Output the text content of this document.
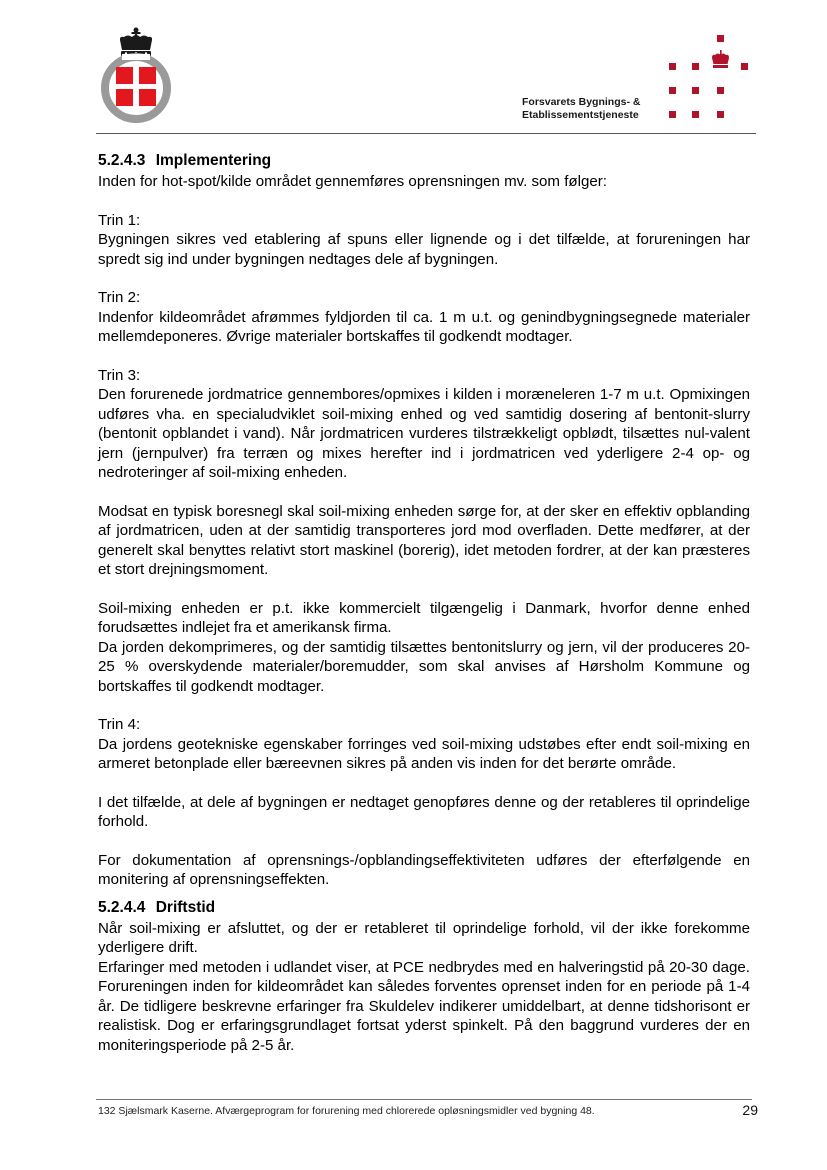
Forsvarets Bygnings- &
Etablissementstjeneste
5.2.4.3 Implementering

Inden for hot-spot/kilde området gennemføres oprensningen mv. som følger:

Trin 1:

Bygningen sikres ved etablering af spuns eller lignende og i det tilfælde, at forureningen har spredt sig ind under bygningen nedtages dele af bygningen.

Trin 2:

Indenfor kildeområdet afrømmes fyldjorden til ca. 1 m u.t. og genindbygningsegnede materialer mellemdeponeres. Øvrige materialer bortskaffes til godkendt modtager.

Trin 3:

Den forurenede jordmatrice gennembores/opmixes i kilden i moræneleren 1-7 m u.t. Opmixingen udføres vha. en specialudviklet soil-mixing enhed og ved samtidig dosering af bentonit-slurry (bentonit opblandet i vand). Når jordmatricen vurderes tilstrækkeligt opblødt, tilsættes nul-valent jern (jernpulver) fra terræn og mixes herefter ind i jordmatricen ved yderligere 2-4 op- og nedroteringer af soil-mixing enheden.

Modsat en typisk boresnegl skal soil-mixing enheden sørge for, at der sker en effektiv opblanding af jordmatricen, uden at der samtidig transporteres jord mod overfladen. Dette medfører, at der generelt skal benyttes relativt stort maskinel (borerig), idet metoden fordrer, at der kan præsteres et stort drejningsmoment.

Soil-mixing enheden er p.t. ikke kommercielt tilgængelig i Danmark, hvorfor denne enhed forudsættes indlejet fra et amerikansk firma.

Da jorden dekomprimeres, og der samtidig tilsættes bentonitslurry og jern, vil der produceres 20-25 % overskydende materialer/boremudder, som skal anvises af Hørsholm Kommune og bortskaffes til godkendt modtager.

Trin 4:

Da jordens geotekniske egenskaber forringes ved soil-mixing udstøbes efter endt soil-mixing en armeret betonplade eller bæreevnen sikres på anden vis inden for det berørte område.

I det tilfælde, at dele af bygningen er nedtaget genopføres denne og der retableres til oprindelige forhold.

For dokumentation af oprensnings-/opblandingseffektiviteten udføres der efterfølgende en monitering af oprensningseffekten.

5.2.4.4 Driftstid

Når soil-mixing er afsluttet, og der er retableret til oprindelige forhold, vil der ikke forekomme yderligere drift.

Erfaringer med metoden i udlandet viser, at PCE nedbrydes med en halveringstid på 20-30 dage. Forureningen inden for kildeområdet kan således forventes oprenset inden for en periode på 1-4 år. De tidligere beskrevne erfaringer fra Skuldelev indikerer umiddelbart, at denne tidshorisont er realistisk. Dog er erfaringsgrundlaget fortsat yderst spinkelt. På den baggrund vurderes der en moniteringsperiode på 2-5 år.

132 Sjælsmark Kaserne. Afværgeprogram for forurening med chlorerede opløsningsmidler ved bygning 48.	29
